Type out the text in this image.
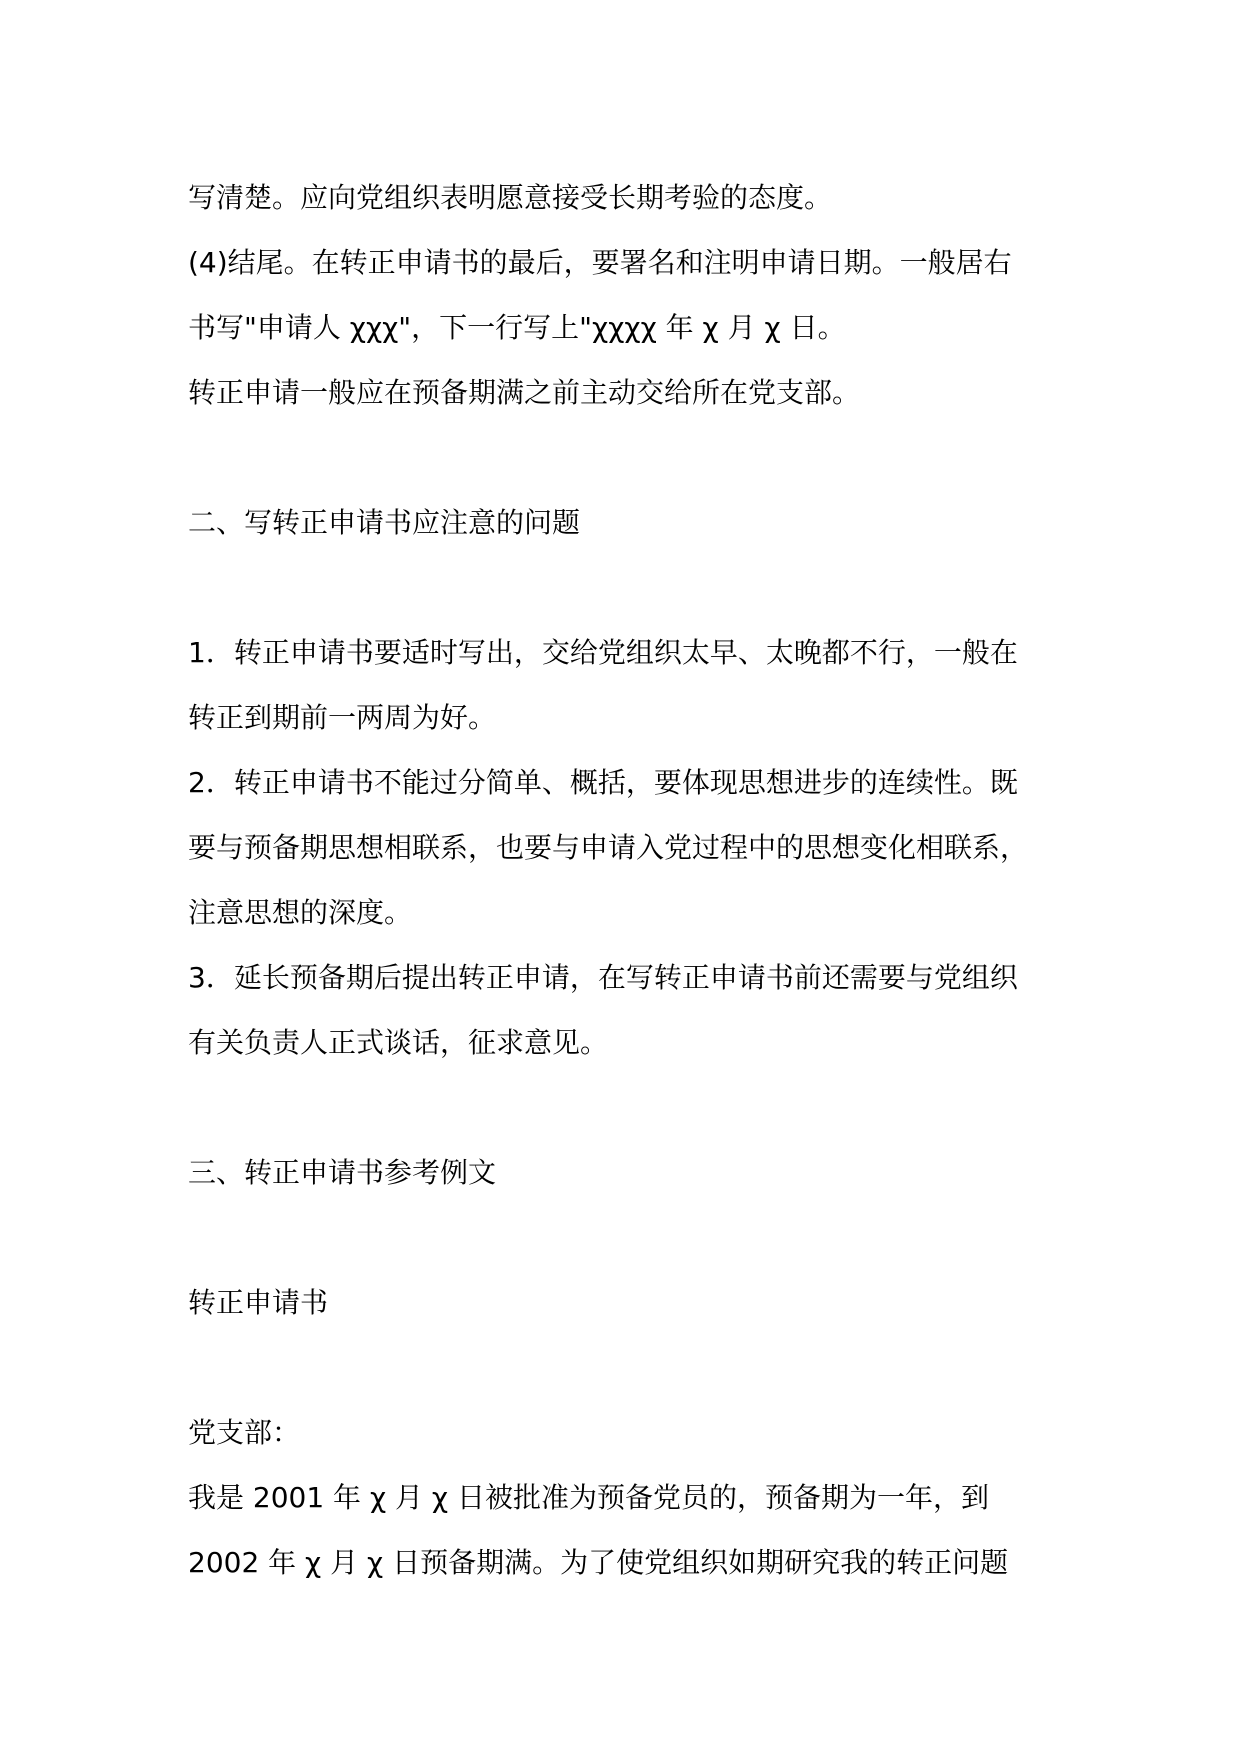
写清楚。应向党组织表明愿意接受长期考验的态度。
(4)结尾。在转正申请书的最后，要署名和注明申请日期。一般居右
书写"申请人 χχχ"，下一行写上"χχχχ 年 χ 月 χ 日。
转正申请一般应在预备期满之前主动交给所在党支部。
二、写转正申请书应注意的问题
1．转正申请书要适时写出，交给党组织太早、太晚都不行，一般在
转正到期前一两周为好。
2．转正申请书不能过分简单、概括，要体现思想进步的连续性。既
要与预备期思想相联系，也要与申请入党过程中的思想变化相联系，
注意思想的深度。
3．延长预备期后提出转正申请，在写转正申请书前还需要与党组织
有关负责人正式谈话，征求意见。
三、转正申请书参考例文
转正申请书
党支部：
我是 2001 年 χ 月 χ 日被批准为预备党员的，预备期为一年，到
2002 年 χ 月 χ 日预备期满。为了使党组织如期研究我的转正问题
